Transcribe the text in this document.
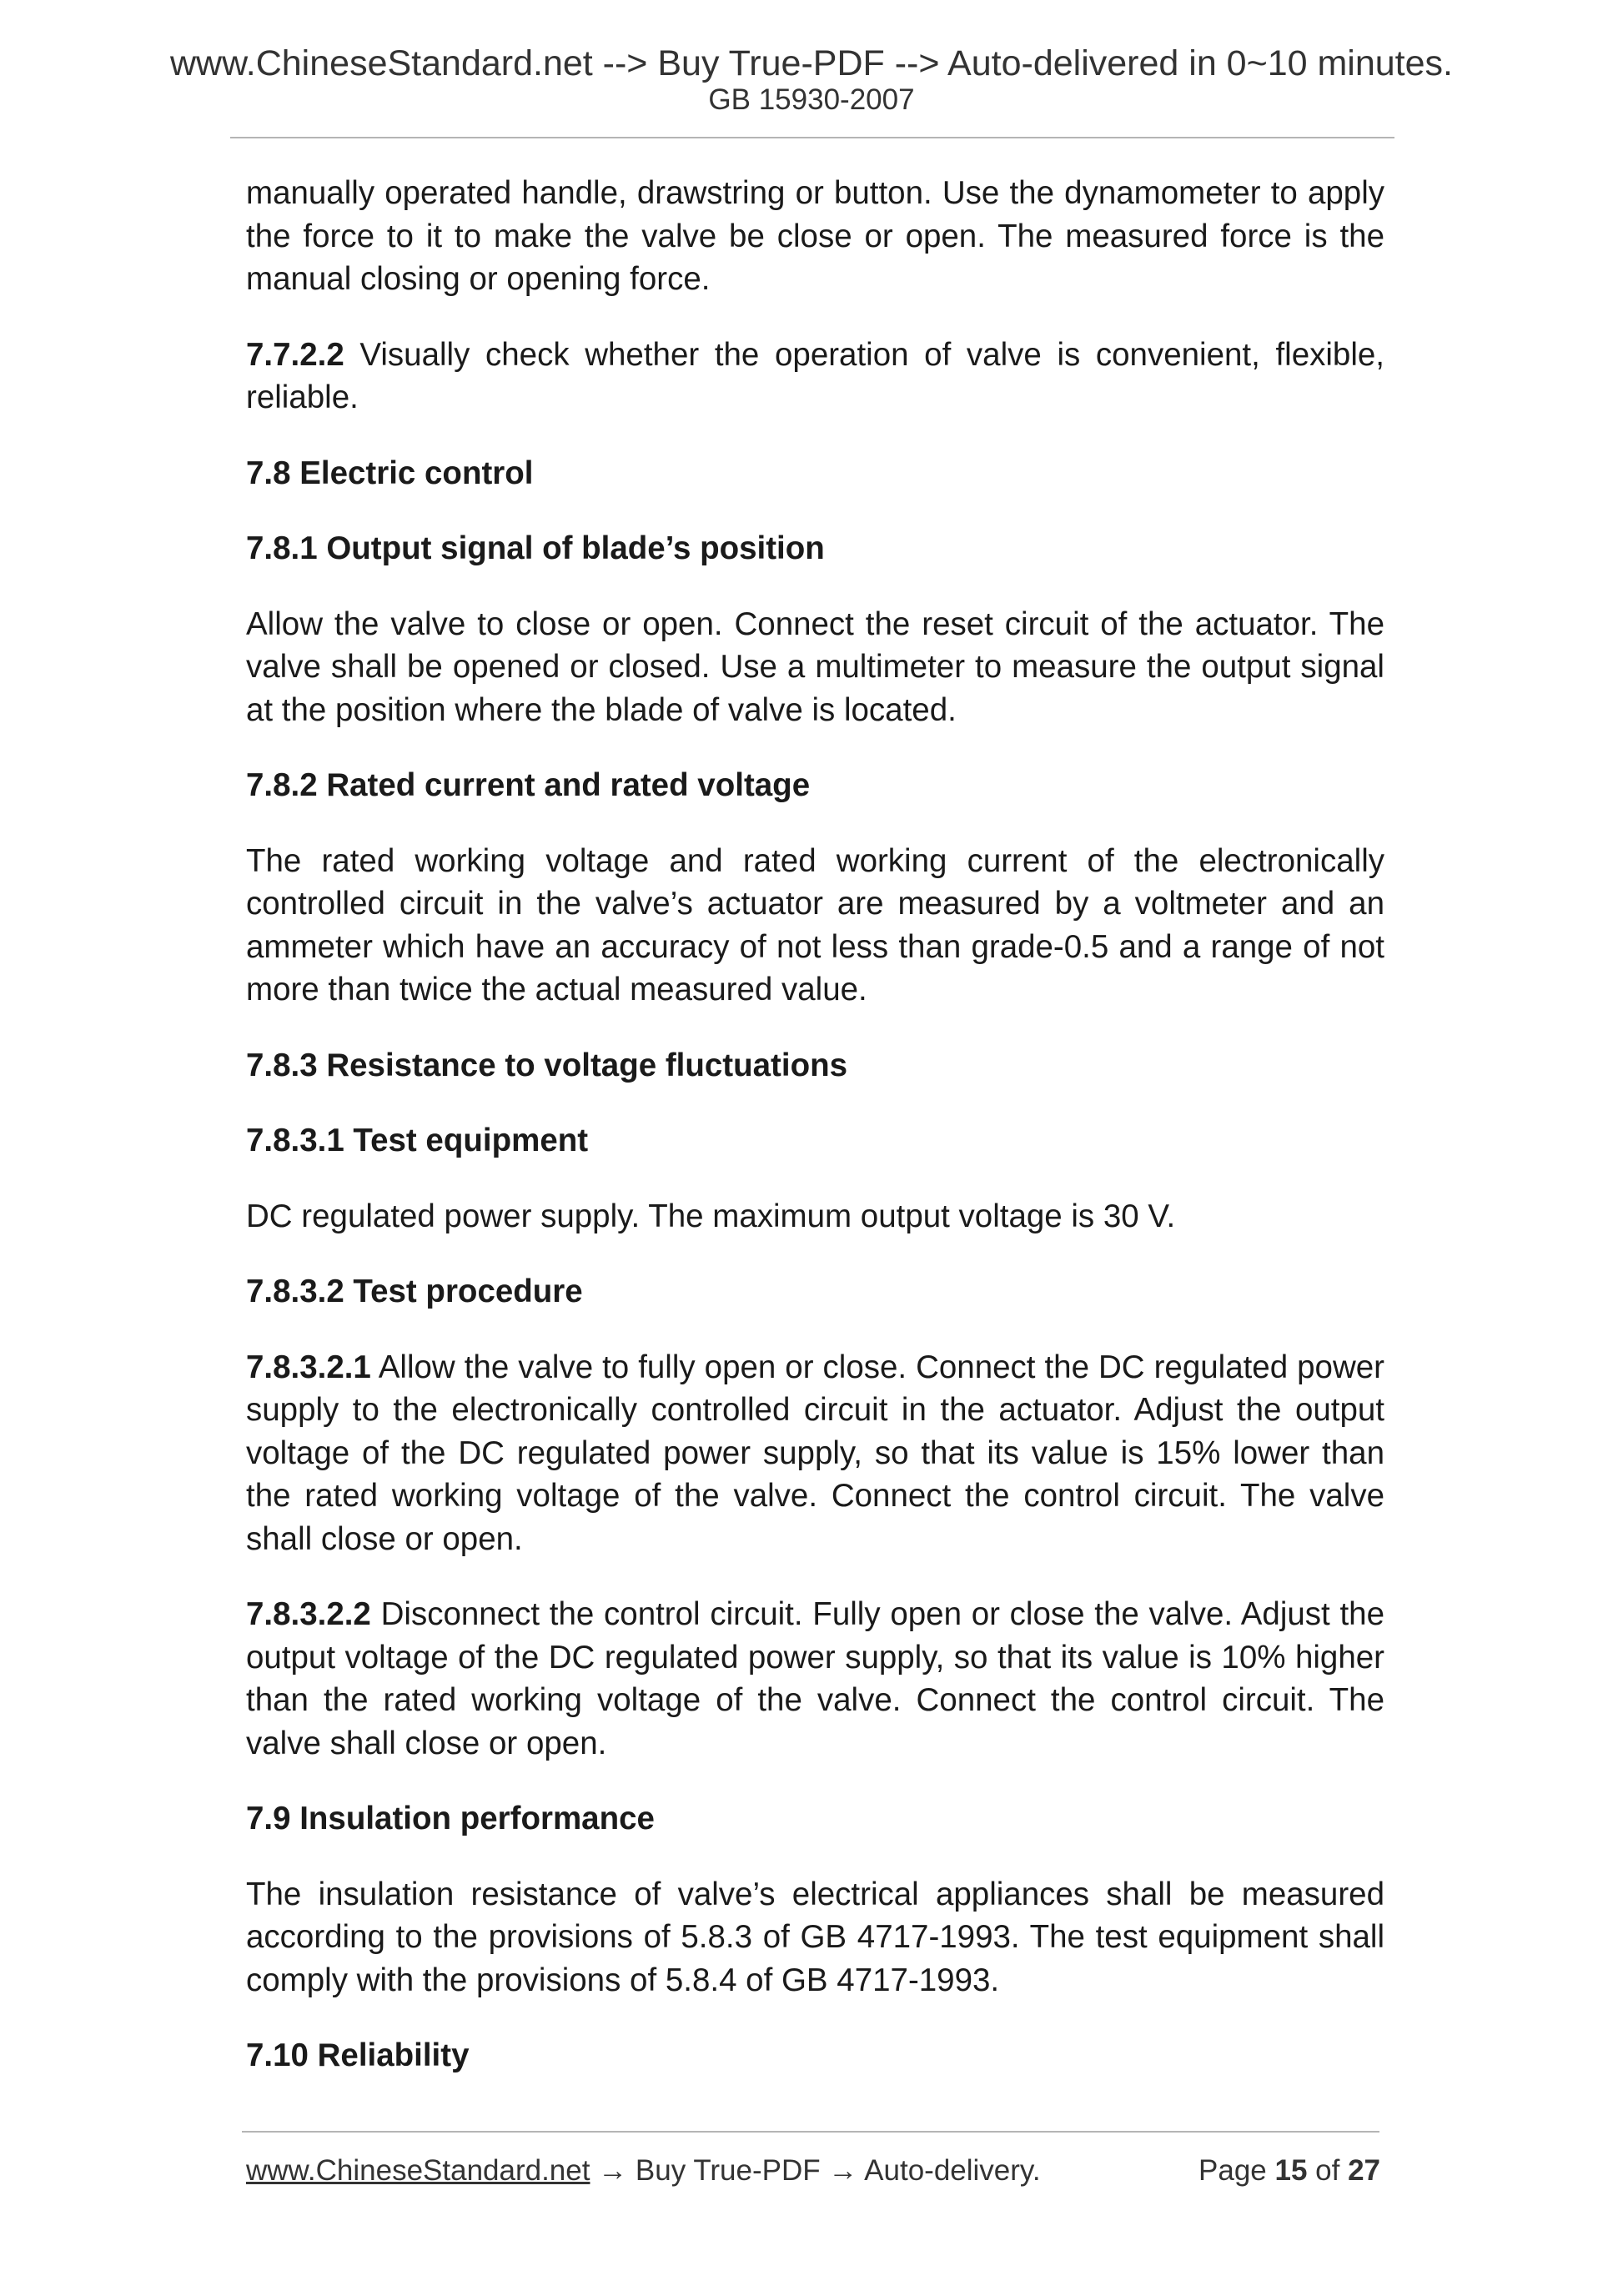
www.ChineseStandard.net --> Buy True-PDF --> Auto-delivered in 0~10 minutes.
GB 15930-2007

manually operated handle, drawstring or button. Use the dynamometer to apply the force to it to make the valve be close or open. The measured force is the manual closing or opening force.

7.7.2.2 Visually check whether the operation of valve is convenient, flexible, reliable.

7.8 Electric control
7.8.1 Output signal of blade’s position

Allow the valve to close or open. Connect the reset circuit of the actuator. The valve shall be opened or closed. Use a multimeter to measure the output signal at the position where the blade of valve is located.

7.8.2 Rated current and rated voltage

The rated working voltage and rated working current of the electronically controlled circuit in the valve’s actuator are measured by a voltmeter and an ammeter which have an accuracy of not less than grade-0.5 and a range of not more than twice the actual measured value.

7.8.3 Resistance to voltage fluctuations
7.8.3.1 Test equipment

DC regulated power supply. The maximum output voltage is 30 V.

7.8.3.2 Test procedure

7.8.3.2.1 Allow the valve to fully open or close. Connect the DC regulated power supply to the electronically controlled circuit in the actuator. Adjust the output voltage of the DC regulated power supply, so that its value is 15% lower than the rated working voltage of the valve. Connect the control circuit. The valve shall close or open.

7.8.3.2.2 Disconnect the control circuit. Fully open or close the valve. Adjust the output voltage of the DC regulated power supply, so that its value is 10% higher than the rated working voltage of the valve. Connect the control circuit. The valve shall close or open.

7.9 Insulation performance

The insulation resistance of valve’s electrical appliances shall be measured according to the provisions of 5.8.3 of GB 4717-1993. The test equipment shall comply with the provisions of 5.8.4 of GB 4717-1993.

7.10 Reliability
www.ChineseStandard.net → Buy True-PDF → Auto-delivery.	Page 15 of 27
